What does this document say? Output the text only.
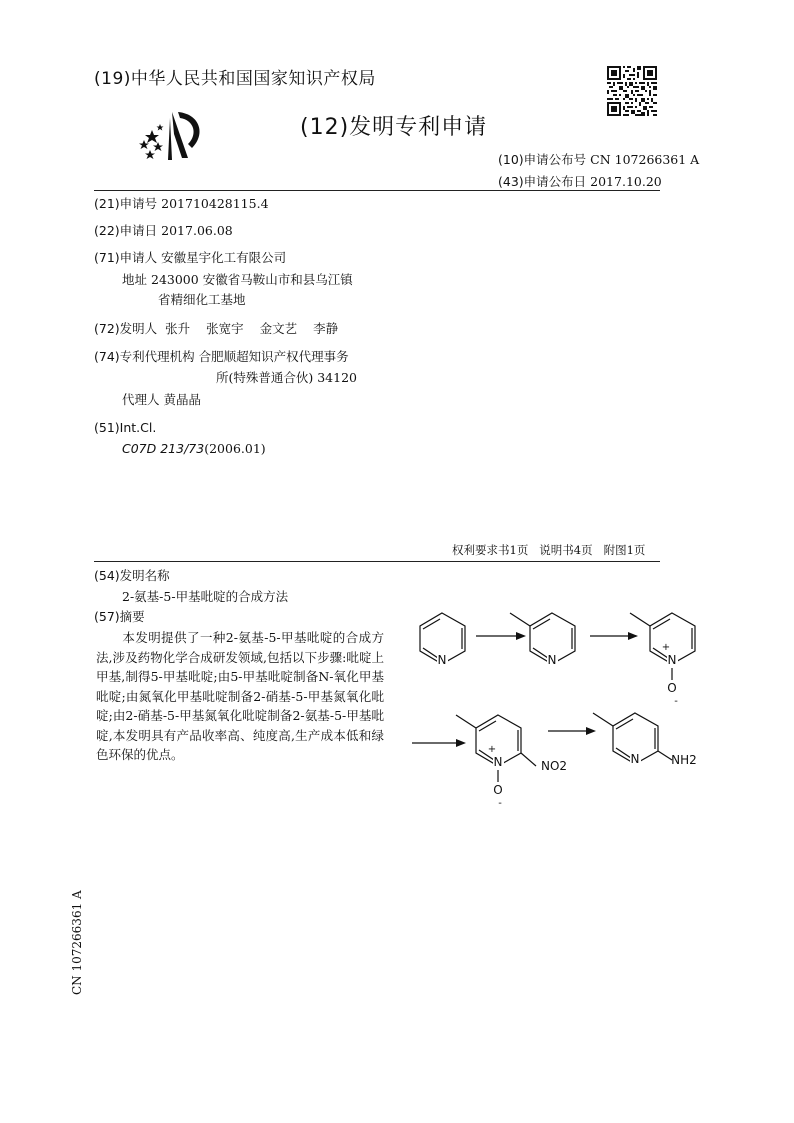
(19)中华人民共和国国家知识产权局
(12)发明专利申请
(10)申请公布号 CN 107266361 A
(43)申请公布日 2017.10.20
(21)申请号 201710428115.4
(22)申请日 2017.06.08
(71)申请人 安徽星宇化工有限公司
地址 243000 安徽省马鞍山市和县乌江镇
省精细化工基地
(72)发明人 张升 张宽宇 金文艺 李静
(74)专利代理机构 合肥顺超知识产权代理事务
所(特殊普通合伙) 34120
代理人 黄晶晶
(51)Int.Cl.
C07D 213/73(2006.01)
权利要求书1页   说明书4页   附图1页
(54)发明名称
2-氨基-5-甲基吡啶的合成方法
(57)摘要
本发明提供了一种2-氨基-5-甲基吡啶的合成方法,涉及药物化学合成研发领域,包括以下步骤:吡啶上甲基,制得5-甲基吡啶;由5-甲基吡啶制备N-氧化甲基吡啶;由氮氧化甲基吡啶制备2-硝基-5-甲基氮氧化吡啶;由2-硝基-5-甲基氮氧化吡啶制备2-氨基-5-甲基吡啶,本发明具有产品收率高、纯度高,生产成本低和绿色环保的优点。
N	N	N
+
O
-
N
+
O
-
NO2	N	NH2
CN 107266361 A
